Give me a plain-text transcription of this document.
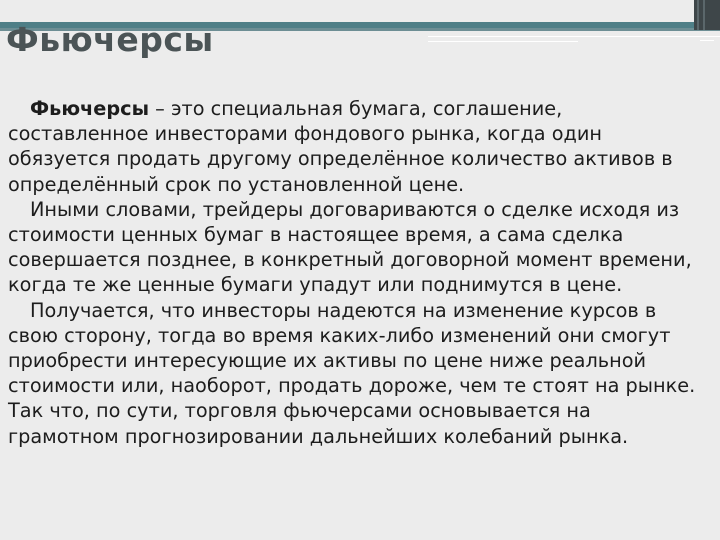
Фьючерсы

Фьючерсы – это специальная бумага, соглашение, составленное инвесторами фондового рынка, когда один обязуется продать другому определённое количество активов в определённый срок по установленной цене.

Иными словами, трейдеры договариваются о сделке исходя из стоимости ценных бумаг в настоящее время, а сама сделка совершается позднее, в конкретный договорной момент времени, когда те же ценные бумаги упадут или поднимутся в цене.

Получается, что инвесторы надеются на изменение курсов в свою сторону, тогда во время каких-либо изменений они смогут приобрести интересующие их активы по цене ниже реальной стоимости или, наоборот, продать дороже, чем те стоят на рынке. Так что, по сути, торговля фьючерсами основывается на грамотном прогнозировании дальнейших колебаний рынка.
